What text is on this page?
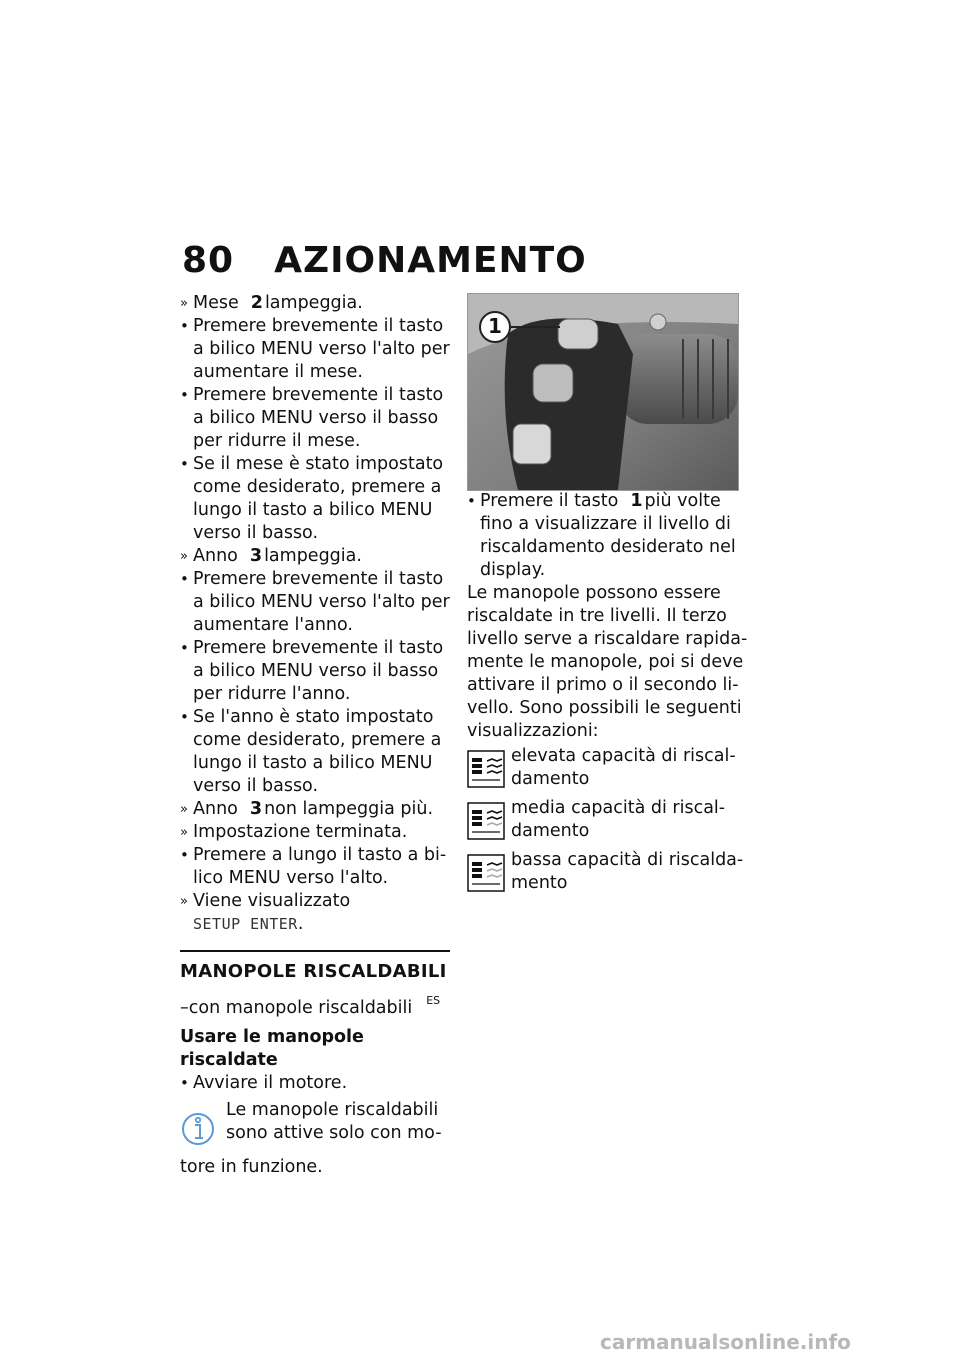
80 AZIONAMENTO
» Mese 2 lampeggia.
• Premere brevemente il tasto
a bilico MENU verso l'alto per
aumentare il mese.
• Premere brevemente il tasto
a bilico MENU verso il basso
per ridurre il mese.
• Se il mese è stato impostato
come desiderato, premere a
lungo il tasto a bilico MENU
verso il basso.
» Anno 3 lampeggia.
• Premere brevemente il tasto
a bilico MENU verso l'alto per
aumentare l'anno.
• Premere brevemente il tasto
a bilico MENU verso il basso
per ridurre l'anno.
• Se l'anno è stato impostato
come desiderato, premere a
lungo il tasto a bilico MENU
verso il basso.
» Anno 3 non lampeggia più.
» Impostazione terminata.
• Premere a lungo il tasto a bi-
lico MENU verso l'alto.
» Viene visualizzato
SETUP ENTER.
MANOPOLE RISCALDABILI
–con manopole riscaldabili $^{ES}$
Usare le manopole riscaldate
• Avviare il motore.
Le manopole riscaldabili
sono attive solo con mo-
tore in funzione.
1
• Premere il tasto 1 più volte
fino a visualizzare il livello di
riscaldamento desiderato nel
display.
Le manopole possono essere
riscaldate in tre livelli. Il terzo
livello serve a riscaldare rapida-
mente le manopole, poi si deve
attivare il primo o il secondo li-
vello. Sono possibili le seguenti
visualizzazioni:
elevata capacità di riscal-
damento
media capacità di riscal-
damento
bassa capacità di riscalda-
mento
carmanualsonline.info
